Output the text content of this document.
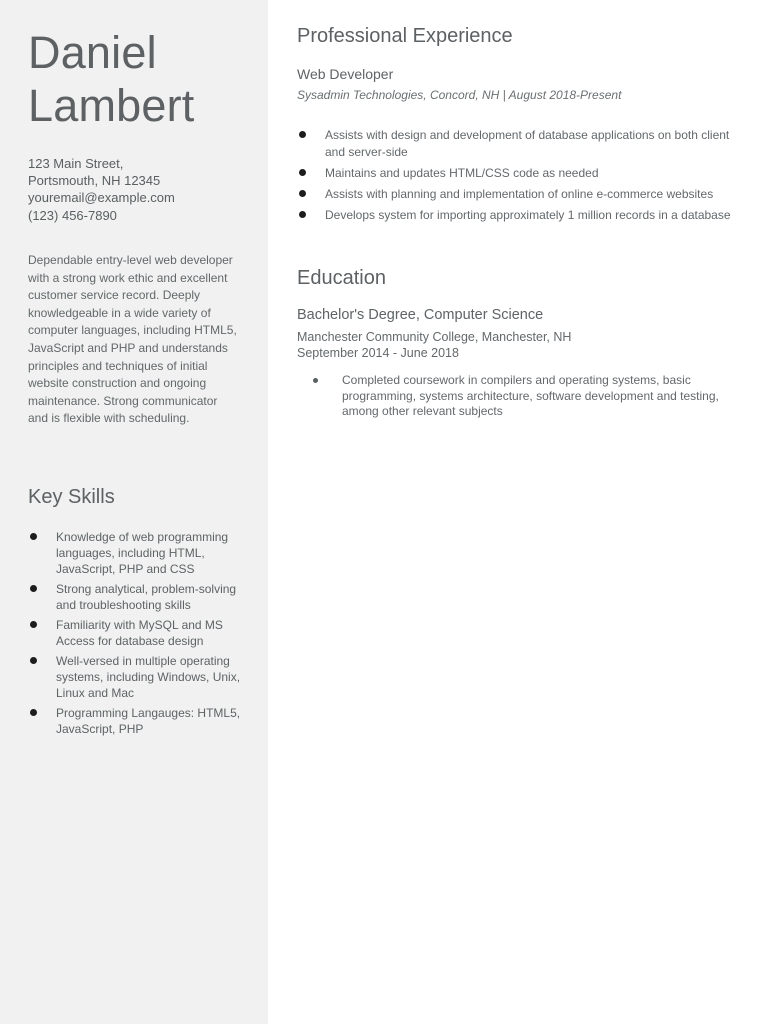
Daniel
Lambert
123 Main Street,
Portsmouth, NH 12345
youremail@example.com
(123) 456-7890

Dependable entry-level web developer with a strong work ethic and excellent customer service record. Deeply knowledgeable in a wide variety of computer languages, including HTML5, JavaScript and PHP and understands principles and techniques of initial website construction and ongoing maintenance. Strong communicator and is flexible with scheduling.

Key Skills
Knowledge of web programming languages, including HTML, JavaScript, PHP and CSS
Strong analytical, problem-solving and troubleshooting skills
Familiarity with MySQL and MS Access for database design
Well-versed in multiple operating systems, including Windows, Unix, Linux and Mac
Programming Langauges: HTML5, JavaScript, PHP
Professional Experience
Web Developer
Sysadmin Technologies, Concord, NH | August 2018-Present
Assists with design and development of database applications on both client and server-side
Maintains and updates HTML/CSS code as needed
Assists with planning and implementation of online e-commerce websites
Develops system for importing approximately 1 million records in a database
Education
Bachelor's Degree, Computer Science
Manchester Community College, Manchester, NH
September 2014 - June 2018
Completed coursework in compilers and operating systems, basic programming, systems architecture, software development and testing, among other relevant subjects
